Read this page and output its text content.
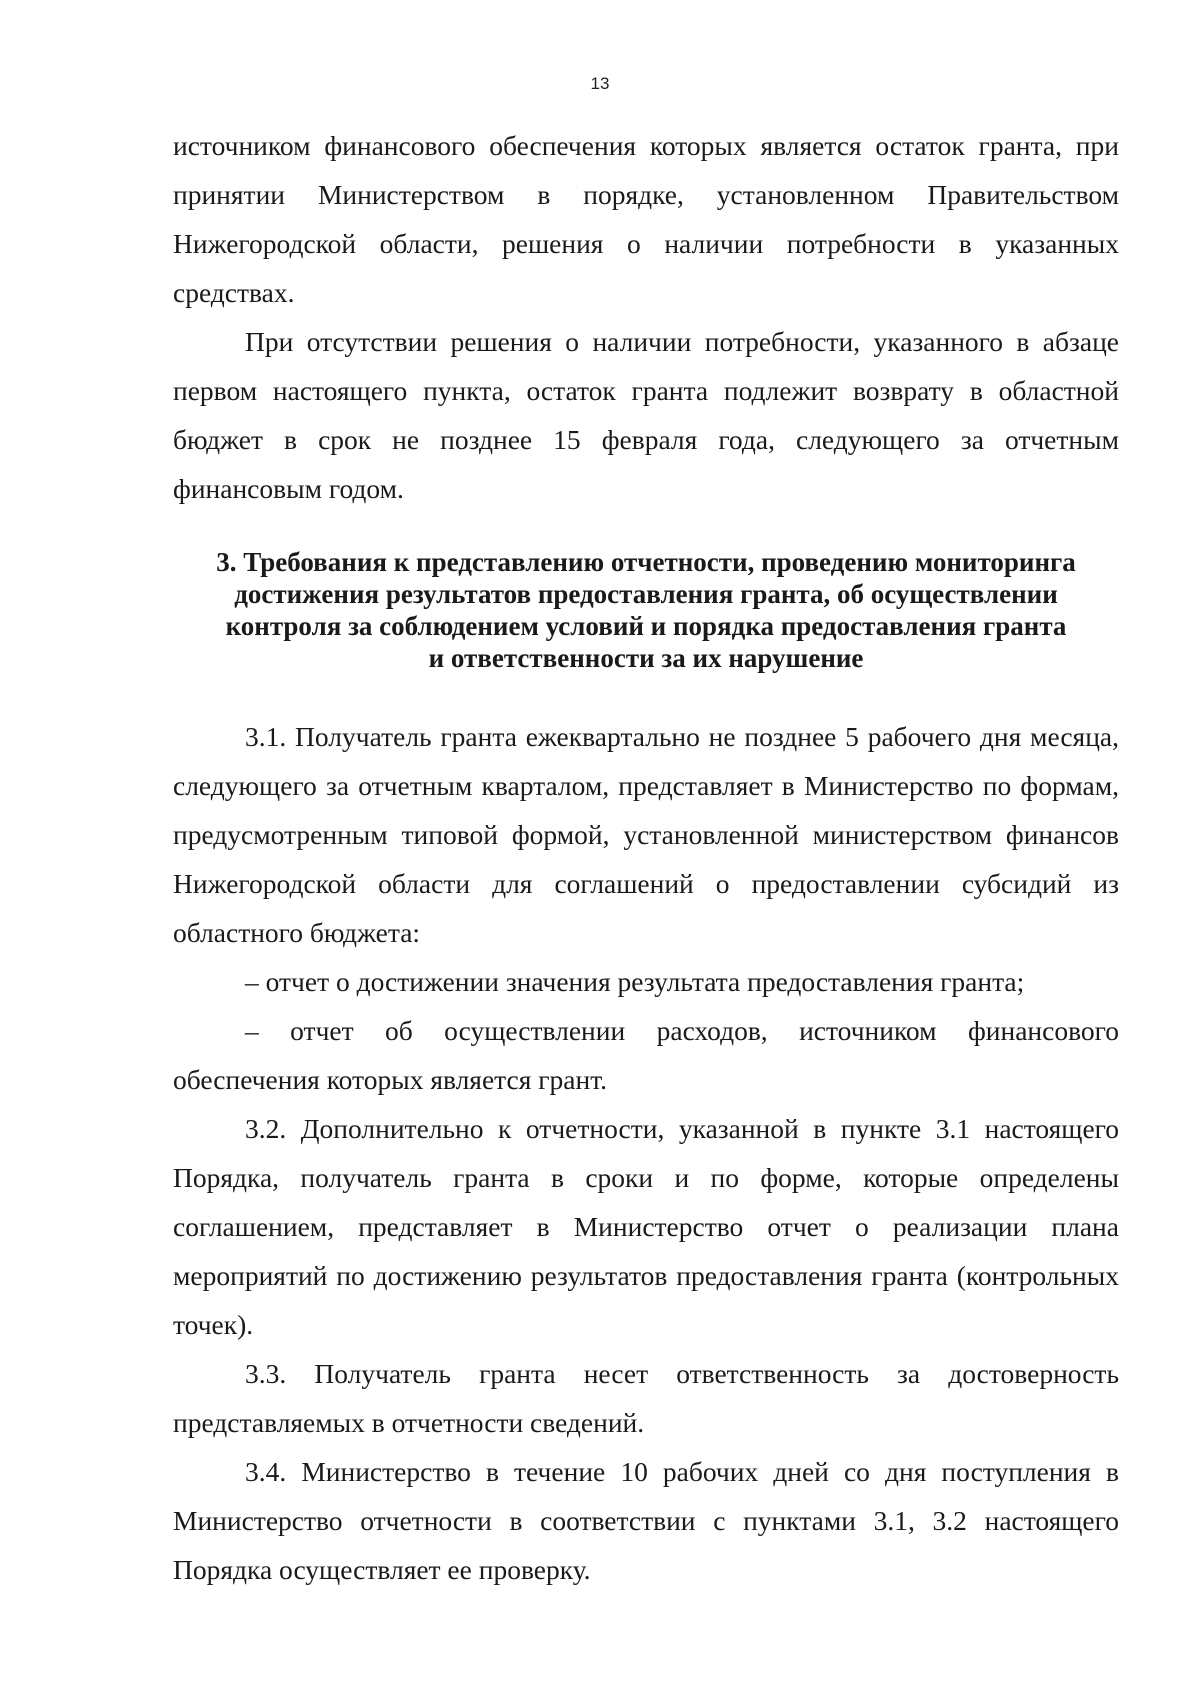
13

источником финансового обеспечения которых является остаток гранта, при принятии Министерством в порядке, установленном Правительством Нижегородской области, решения о наличии потребности в указанных средствах.

При отсутствии решения о наличии потребности, указанного в абзаце первом настоящего пункта, остаток гранта подлежит возврату в областной бюджет в срок не позднее 15 февраля года, следующего за отчетным финансовым годом.

3. Требования к представлению отчетности, проведению мониторинга
достижения результатов предоставления гранта, об осуществлении
контроля за соблюдением условий и порядка предоставления гранта
и ответственности за их нарушение

3.1. Получатель гранта ежеквартально не позднее 5 рабочего дня месяца, следующего за отчетным кварталом, представляет в Министерство по формам, предусмотренным типовой формой, установленной министерством финансов Нижегородской области для соглашений о предоставлении субсидий из областного бюджета:

– отчет о достижении значения результата предоставления гранта;

– отчет об осуществлении расходов, источником финансового обеспечения которых является грант.

3.2. Дополнительно к отчетности, указанной в пункте 3.1 настоящего Порядка, получатель гранта в сроки и по форме, которые определены соглашением, представляет в Министерство отчет о реализации плана мероприятий по достижению результатов предоставления гранта (контрольных точек).

3.3. Получатель гранта несет ответственность за достоверность представляемых в отчетности сведений.

3.4. Министерство в течение 10 рабочих дней со дня поступления в Министерство отчетности в соответствии с пунктами 3.1, 3.2 настоящего Порядка осуществляет ее проверку.
